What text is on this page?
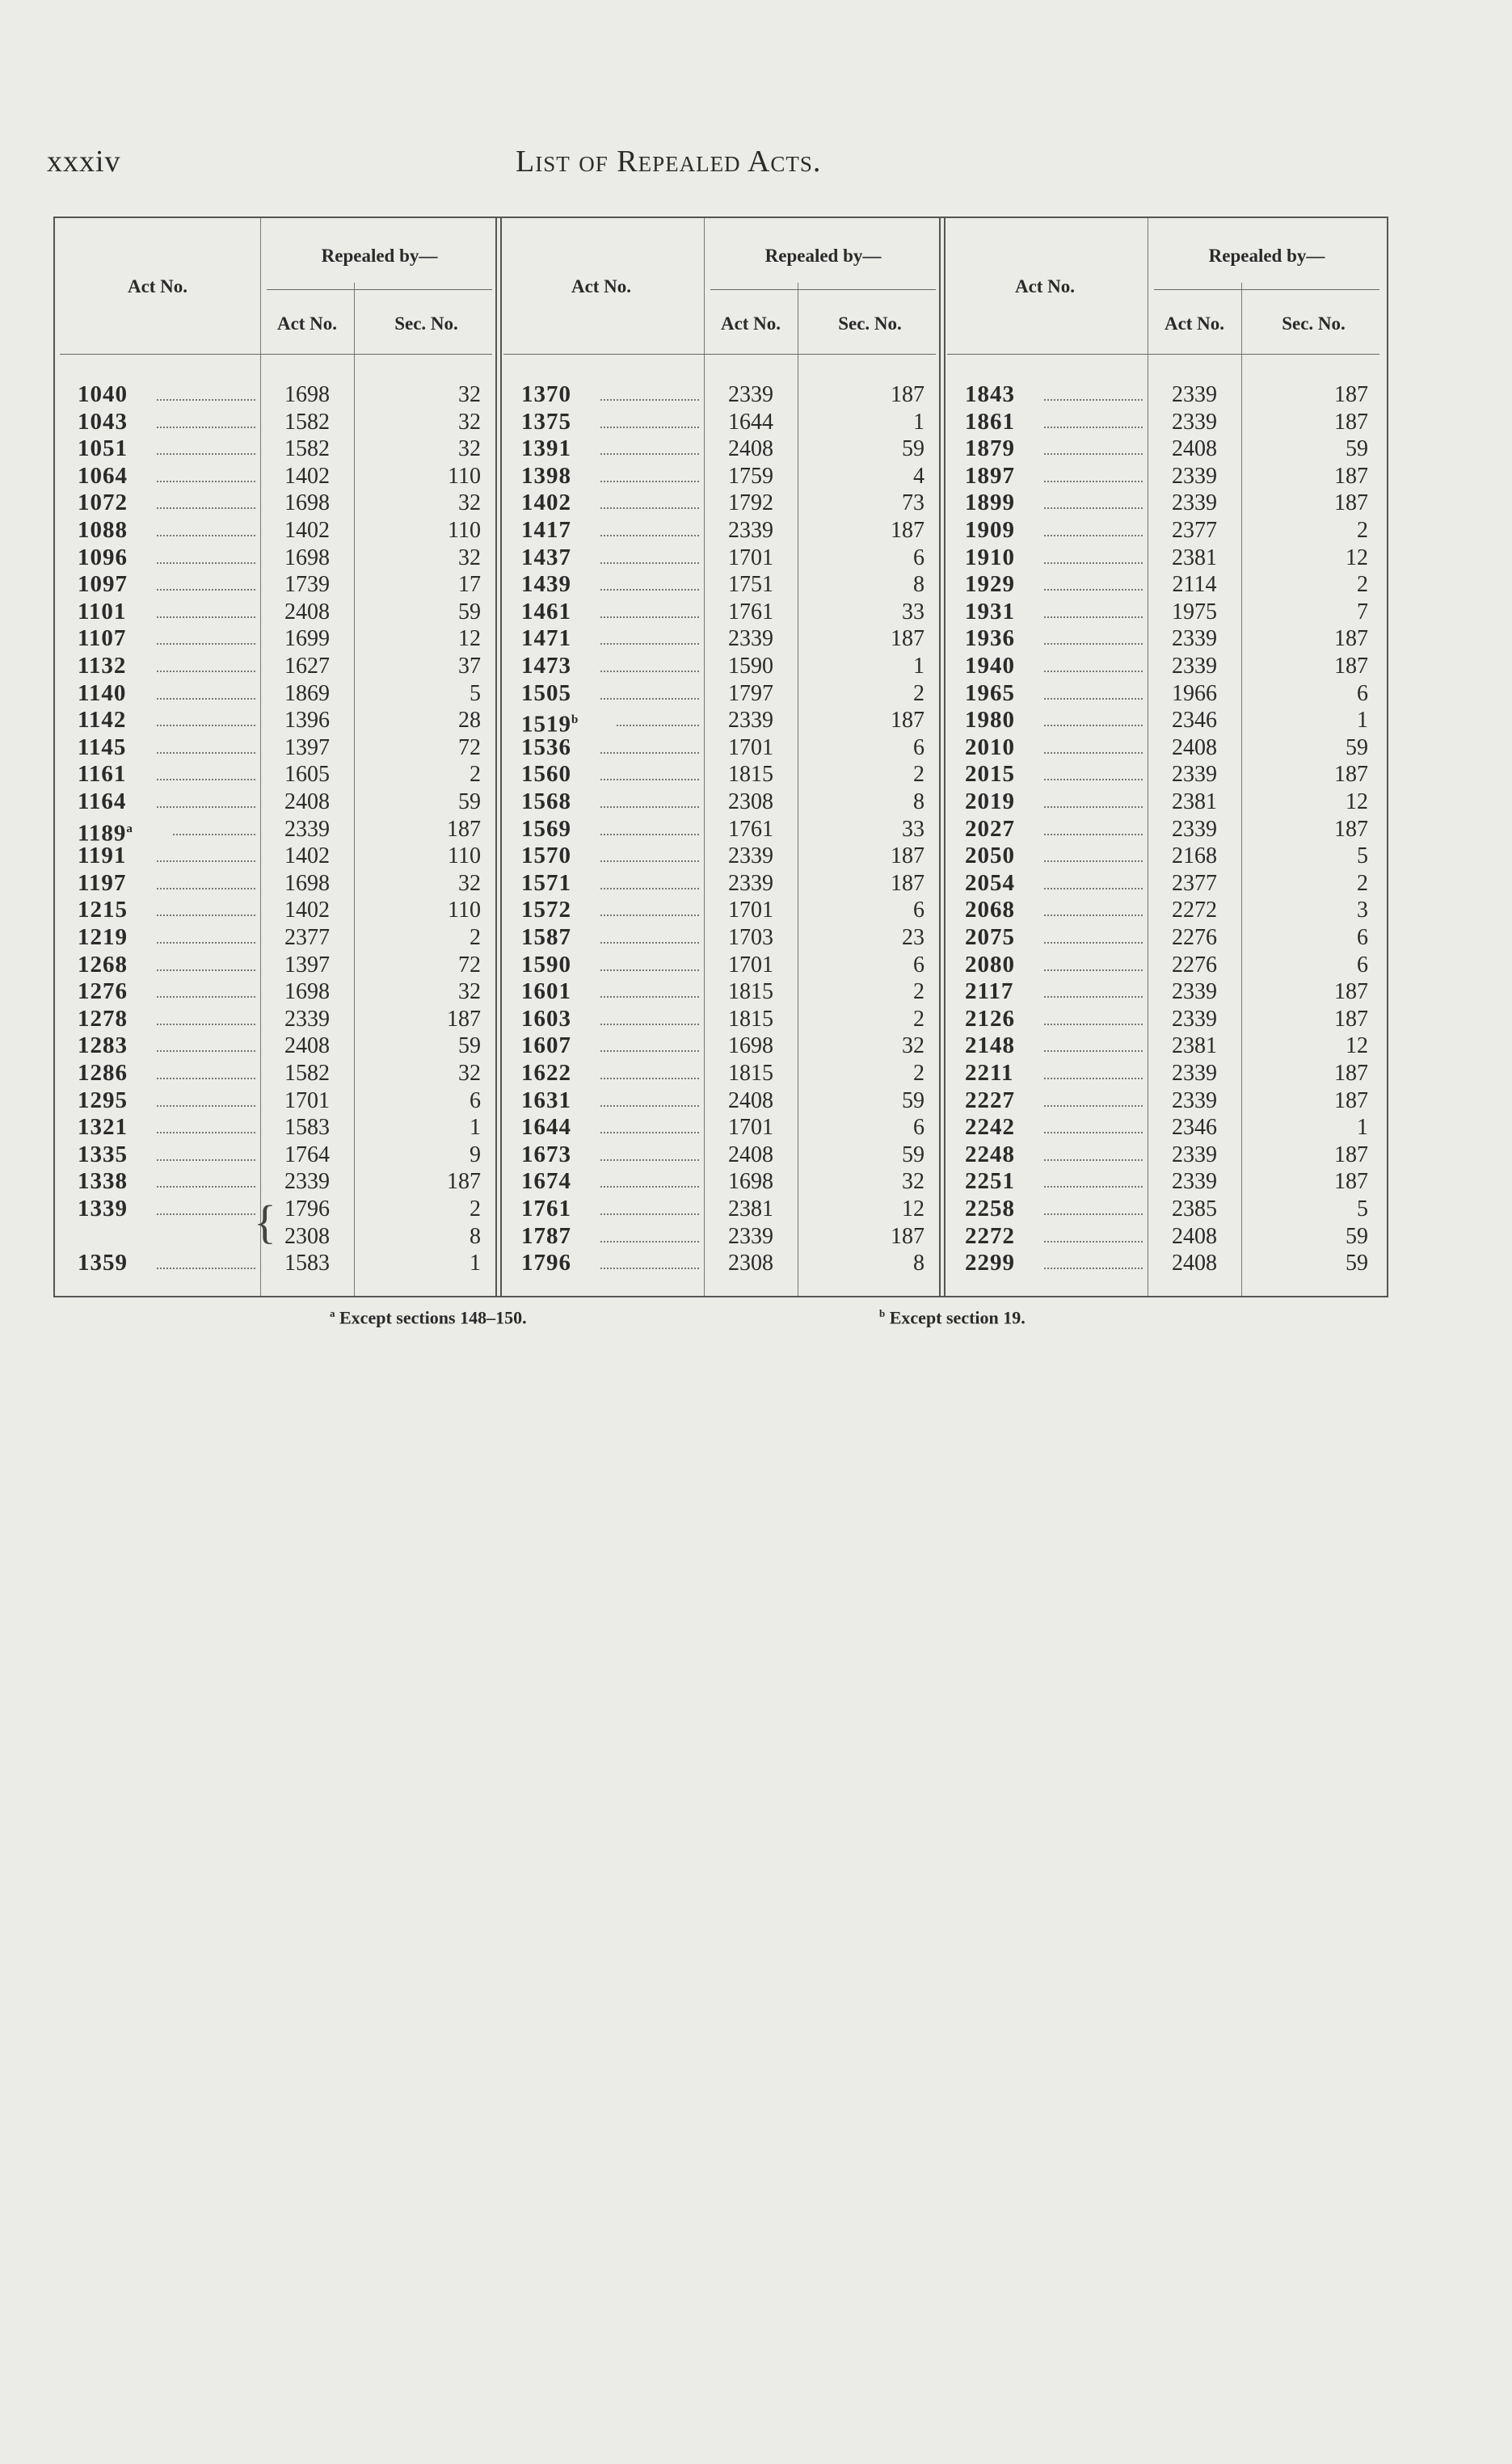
xxxiv	List of Repealed Acts.
Act No.
Repealed by—
Act No.	Sec. No.
1040	1698	32
1043	1582	32
1051	1582	32
1064	1402	110
1072	1698	32
1088	1402	110
1096	1698	32
1097	1739	17
1101	2408	59
1107	1699	12
1132	1627	37
1140	1869	5
1142	1396	28
1145	1397	72
1161	1605	2
1164	2408	59
1189$^a$	2339	187
1191	1402	110
1197	1698	32
1215	1402	110
1219	2377	2
1268	1397	72
1276	1698	32
1278	2339	187
1283	2408	59
1286	1582	32
1295	1701	6
1321	1583	1
1335	1764	9
1338	2339	187
1339	1796	2
2308	8
1359	1583	1
Act No.
Repealed by—
Act No.	Sec. No.
1370	2339	187
1375	1644	1
1391	2408	59
1398	1759	4
1402	1792	73
1417	2339	187
1437	1701	6
1439	1751	8
1461	1761	33
1471	2339	187
1473	1590	1
1505	1797	2
1519$^b$	2339	187
1536	1701	6
1560	1815	2
1568	2308	8
1569	1761	33
1570	2339	187
1571	2339	187
1572	1701	6
1587	1703	23
1590	1701	6
1601	1815	2
1603	1815	2
1607	1698	32
1622	1815	2
1631	2408	59
1644	1701	6
1673	2408	59
1674	1698	32
1761	2381	12
1787	2339	187
1796	2308	8
Act No.
Repealed by—
Act No.	Sec. No.
1843	2339	187
1861	2339	187
1879	2408	59
1897	2339	187
1899	2339	187
1909	2377	2
1910	2381	12
1929	2114	2
1931	1975	7
1936	2339	187
1940	2339	187
1965	1966	6
1980	2346	1
2010	2408	59
2015	2339	187
2019	2381	12
2027	2339	187
2050	2168	5
2054	2377	2
2068	2272	3
2075	2276	6
2080	2276	6
2117	2339	187
2126	2339	187
2148	2381	12
2211	2339	187
2227	2339	187
2242	2346	1
2248	2339	187
2251	2339	187
2258	2385	5
2272	2408	59
2299	2408	59
{
$^a$ Except sections 148–150.	$^b$ Except section 19.
